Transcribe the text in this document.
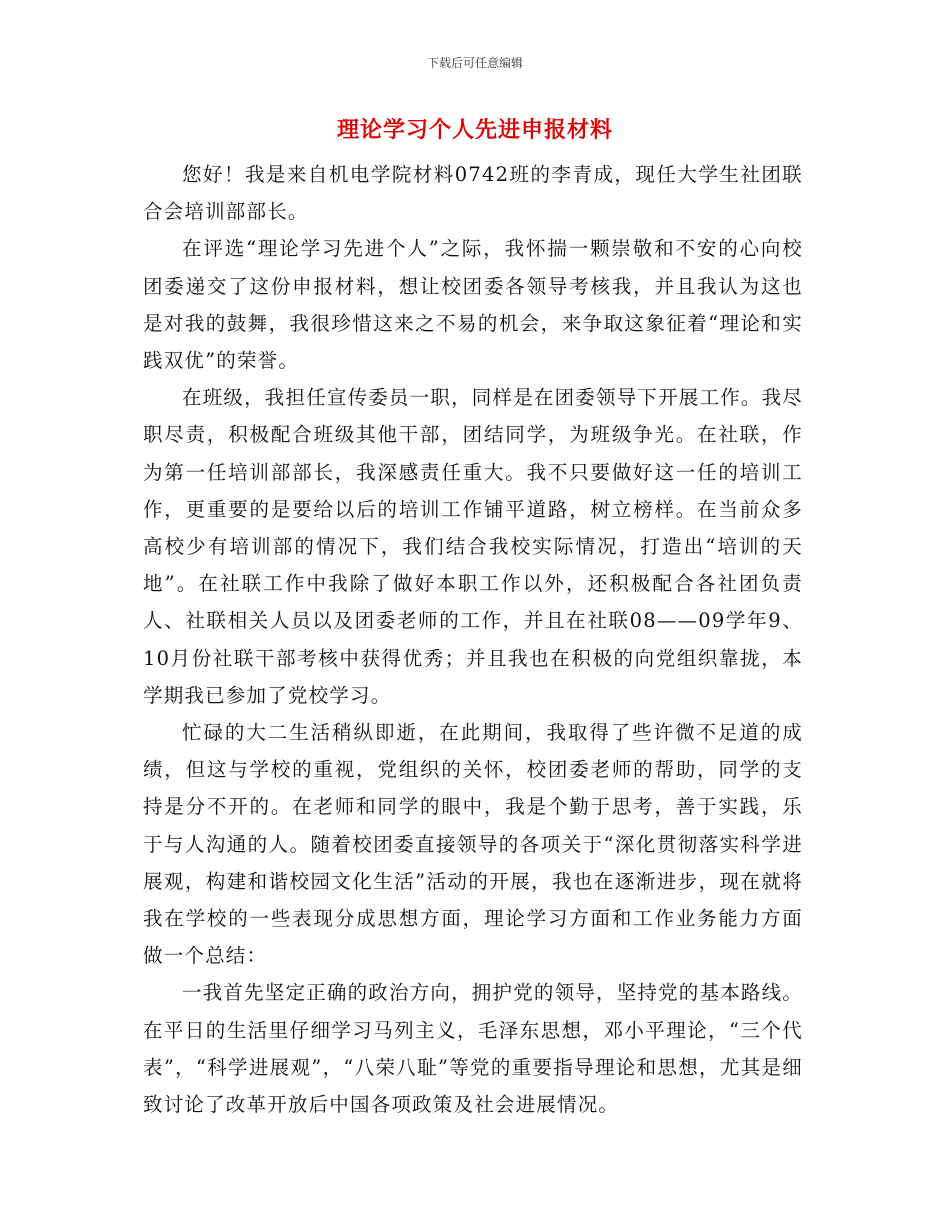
下载后可任意编辑
理论学习个人先进申报材料

您好！我是来自机电学院材料0742班的李青成，现任大学生社团联合会培训部部长。

在评选“理论学习先进个人”之际，我怀揣一颗崇敬和不安的心向校团委递交了这份申报材料，想让校团委各领导考核我，并且我认为这也是对我的鼓舞，我很珍惜这来之不易的机会，来争取这象征着“理论和实践双优”的荣誉。

在班级，我担任宣传委员一职，同样是在团委领导下开展工作。我尽职尽责，积极配合班级其他干部，团结同学，为班级争光。在社联，作为第一任培训部部长，我深感责任重大。我不只要做好这一任的培训工作，更重要的是要给以后的培训工作铺平道路，树立榜样。在当前众多高校少有培训部的情况下，我们结合我校实际情况，打造出“培训的天地”。在社联工作中我除了做好本职工作以外，还积极配合各社团负责人、社联相关人员以及团委老师的工作，并且在社联08——09学年9、10月份社联干部考核中获得优秀；并且我也在积极的向党组织靠拢，本学期我已参加了党校学习。

忙碌的大二生活稍纵即逝，在此期间，我取得了些许微不足道的成绩，但这与学校的重视，党组织的关怀，校团委老师的帮助，同学的支持是分不开的。在老师和同学的眼中，我是个勤于思考，善于实践，乐于与人沟通的人。随着校团委直接领导的各项关于“深化贯彻落实科学进展观，构建和谐校园文化生活”活动的开展，我也在逐渐进步，现在就将我在学校的一些表现分成思想方面，理论学习方面和工作业务能力方面做一个总结：

一我首先坚定正确的政治方向，拥护党的领导，坚持党的基本路线。在平日的生活里仔细学习马列主义，毛泽东思想，邓小平理论，“三个代表”，“科学进展观”，“八荣八耻”等党的重要指导理论和思想，尤其是细致讨论了改革开放后中国各项政策及社会进展情况。
